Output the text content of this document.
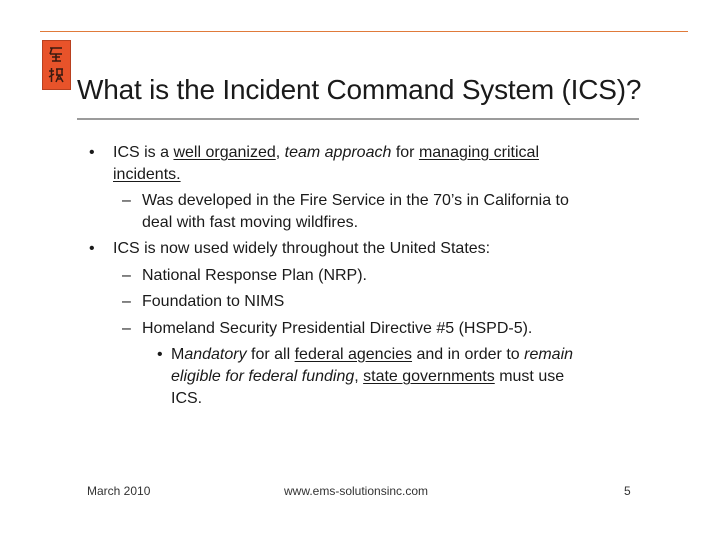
What is the Incident Command System (ICS)?
• ICS is a well organized, team approach for managing critical
incidents.
– Was developed in the Fire Service in the 70’s in California to
deal with fast moving wildfires.
• ICS is now used widely throughout the United States:
– National Response Plan (NRP).
– Foundation to NIMS
– Homeland Security Presidential Directive #5 (HSPD-5).
• Mandatory for all federal agencies and in order to remain
eligible for federal funding, state governments must use
ICS.
March 2010	www.ems-solutionsinc.com	5
